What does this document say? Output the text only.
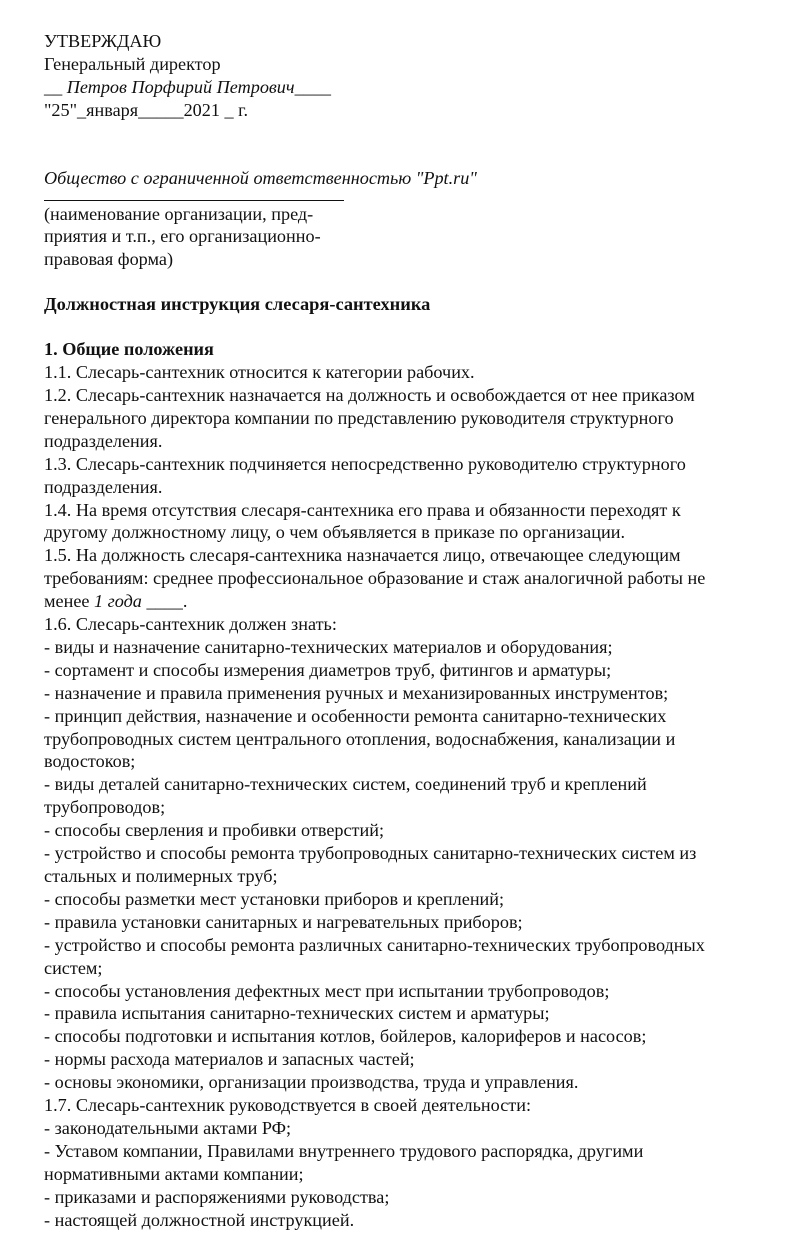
УТВЕРЖДАЮ
Генеральный директор
__ Петров Порфирий Петрович____
"25"_января_____2021 _ г.
Общество с ограниченной ответственностью "Ppt.ru"
(наименование организации, пред-
приятия и т.п., его организационно-
правовая форма)
Должностная инструкция слесаря-сантехника
1. Общие положения
1.1. Слесарь-сантехник относится к категории рабочих.
1.2. Слесарь-сантехник назначается на должность и освобождается от нее приказом
генерального директора компании по представлению руководителя структурного
подразделения.
1.3. Слесарь-сантехник подчиняется непосредственно руководителю структурного
подразделения.
1.4. На время отсутствия слесаря-сантехника его права и обязанности переходят к
другому должностному лицу, о чем объявляется в приказе по организации.
1.5. На должность слесаря-сантехника назначается лицо, отвечающее следующим
требованиям: среднее профессиональное образование и стаж аналогичной работы не
менее 1 года ____.
1.6. Слесарь-сантехник должен знать:
- виды и назначение санитарно-технических материалов и оборудования;
- сортамент и способы измерения диаметров труб, фитингов и арматуры;
- назначение и правила применения ручных и механизированных инструментов;
- принцип действия, назначение и особенности ремонта санитарно-технических
трубопроводных систем центрального отопления, водоснабжения, канализации и
водостоков;
- виды деталей санитарно-технических систем, соединений труб и креплений
трубопроводов;
- способы сверления и пробивки отверстий;
- устройство и способы ремонта трубопроводных санитарно-технических систем из
стальных и полимерных труб;
- способы разметки мест установки приборов и креплений;
- правила установки санитарных и нагревательных приборов;
- устройство и способы ремонта различных санитарно-технических трубопроводных
систем;
- способы установления дефектных мест при испытании трубопроводов;
- правила испытания санитарно-технических систем и арматуры;
- способы подготовки и испытания котлов, бойлеров, калориферов и насосов;
- нормы расхода материалов и запасных частей;
- основы экономики, организации производства, труда и управления.
1.7. Слесарь-сантехник руководствуется в своей деятельности:
- законодательными актами РФ;
- Уставом компании, Правилами внутреннего трудового распорядка, другими
нормативными актами компании;
- приказами и распоряжениями руководства;
- настоящей должностной инструкцией.
